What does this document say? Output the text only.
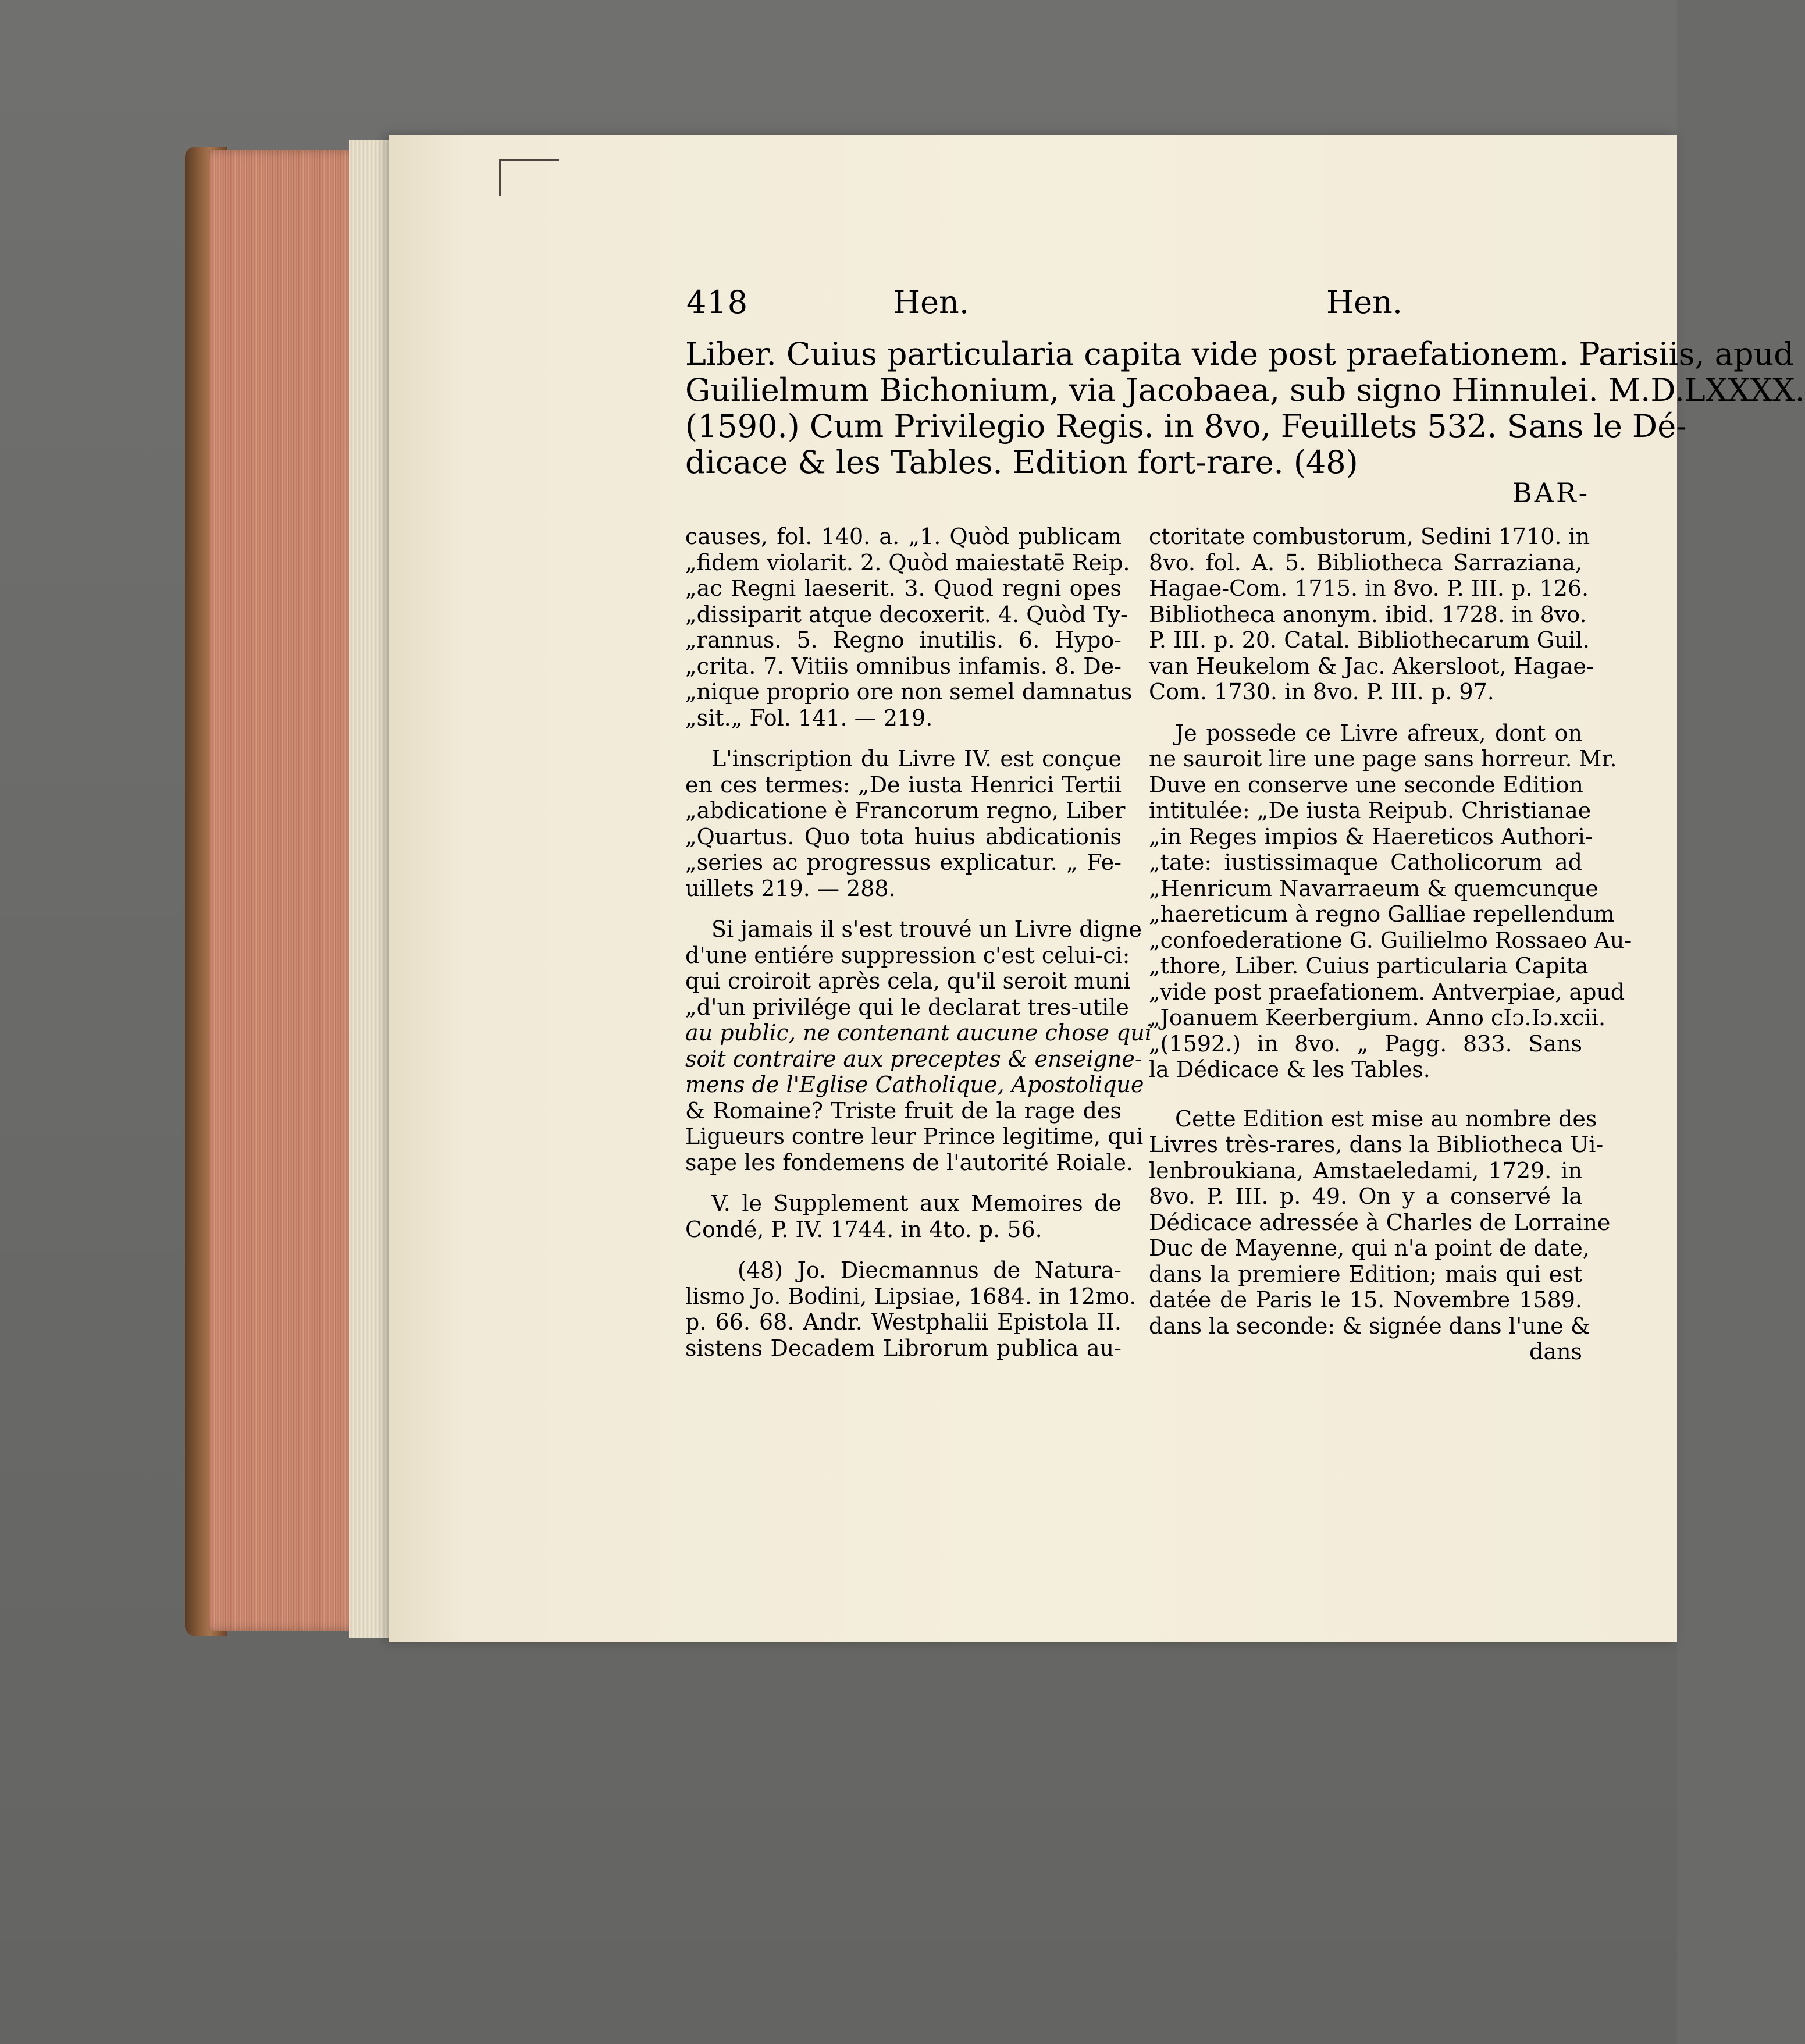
418	Hen.	Hen.
Liber. Cuius particularia capita vide post praefationem. Parisiis, apud
Guilielmum Bichonium, via Jacobaea, sub signo Hinnulei. M.D.LXXXX.
(1590.) Cum Privilegio Regis. in 8vo, Feuillets 532. Sans le Dé-
dicace & les Tables. Edition fort-rare. (48)
BAR-

causes, fol. 140. a. „1. Quòd publicam
„fidem violarit. 2. Quòd maiestatē Reip.
„ac Regni laeserit. 3. Quod regni opes
„dissiparit atque decoxerit. 4. Quòd Ty-
„rannus. 5. Regno inutilis. 6. Hypo-
„crita. 7. Vitiis omnibus infamis. 8. De-
„nique proprio ore non semel damnatus
„sit.„ Fol. 141. — 219.

L'inscription du Livre IV. est conçue
en ces termes: „De iusta Henrici Tertii
„abdicatione è Francorum regno, Liber
„Quartus. Quo tota huius abdicationis
„series ac progressus explicatur. „ Fe-
uillets 219. — 288.

Si jamais il s'est trouvé un Livre digne
d'une entiére suppression c'est celui-ci:
qui croiroit après cela, qu'il seroit muni
„d'un privilége qui le declarat tres-utile
au public, ne contenant aucune chose qui
soit contraire aux preceptes & enseigne-
mens de l'Eglise Catholique, Apostolique
& Romaine? Triste fruit de la rage des
Ligueurs contre leur Prince legitime, qui
sape les fondemens de l'autorité Roiale.

V. le Supplement aux Memoires de
Condé, P. IV. 1744. in 4to. p. 56.

(48) Jo. Diecmannus de Natura-
lismo Jo. Bodini, Lipsiae, 1684. in 12mo.
p. 66. 68. Andr. Westphalii Epistola II.
sistens Decadem Librorum publica au-

ctoritate combustorum, Sedini 1710. in
8vo. fol. A. 5. Bibliotheca Sarraziana,
Hagae-Com. 1715. in 8vo. P. III. p. 126.
Bibliotheca anonym. ibid. 1728. in 8vo.
P. III. p. 20. Catal. Bibliothecarum Guil.
van Heukelom & Jac. Akersloot, Hagae-
Com. 1730. in 8vo. P. III. p. 97.

Je possede ce Livre afreux, dont on
ne sauroit lire une page sans horreur. Mr.
Duve en conserve une seconde Edition
intitulée: „De iusta Reipub. Christianae
„in Reges impios & Haereticos Authori-
„tate: iustissimaque Catholicorum ad
„Henricum Navarraeum & quemcunque
„haereticum à regno Galliae repellendum
„confoederatione G. Guilielmo Rossaeo Au-
„thore, Liber. Cuius particularia Capita
„vide post praefationem. Antverpiae, apud
„Joanuem Keerbergium. Anno cIɔ.Iɔ.xcii.
„(1592.) in 8vo. „ Pagg. 833. Sans
la Dédicace & les Tables.

Cette Edition est mise au nombre des
Livres très-rares, dans la Bibliotheca Ui-
lenbroukiana, Amstaeledami, 1729. in
8vo. P. III. p. 49. On y a conservé la
Dédicace adressée à Charles de Lorraine
Duc de Mayenne, qui n'a point de date,
dans la premiere Edition; mais qui est
datée de Paris le 15. Novembre 1589.
dans la seconde: & signée dans l'une &
dans
